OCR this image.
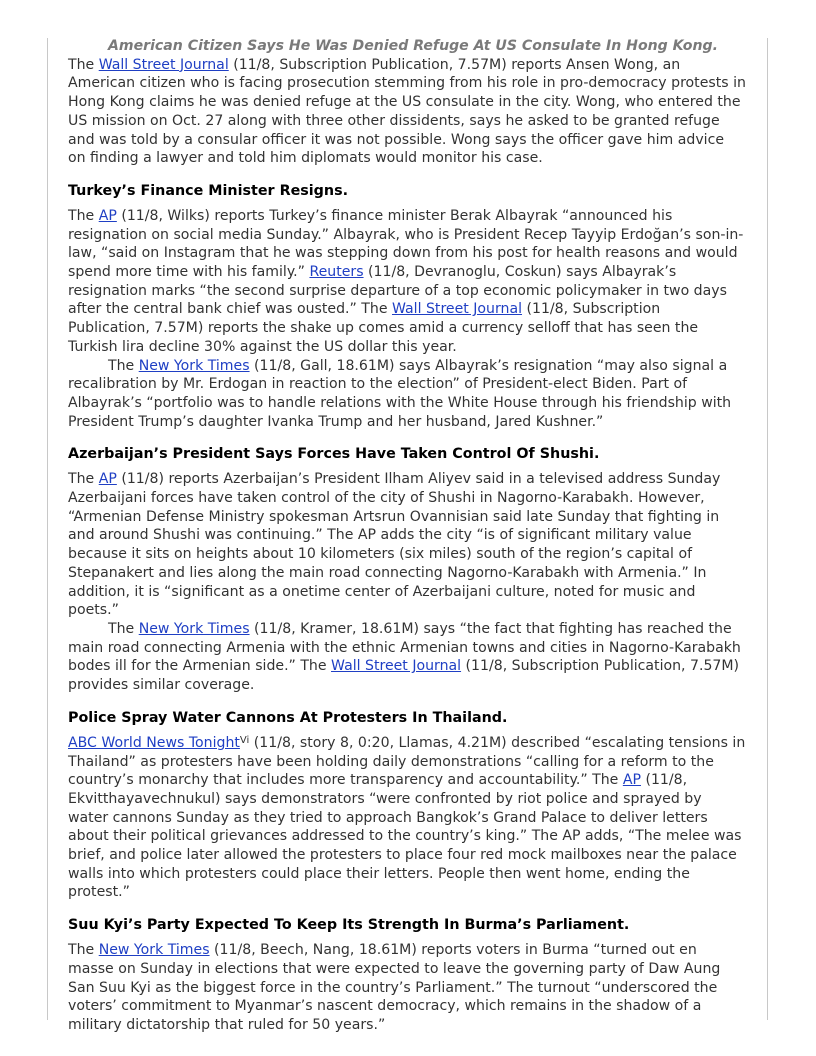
American Citizen Says He Was Denied Refuge At US Consulate In Hong Kong.

The Wall Street Journal (11/8, Subscription Publication, 7.57M) reports Ansen Wong, an American citizen who is facing prosecution stemming from his role in pro-democracy protests in Hong Kong claims he was denied refuge at the US consulate in the city. Wong, who entered the US mission on Oct. 27 along with three other dissidents, says he asked to be granted refuge and was told by a consular officer it was not possible. Wong says the officer gave him advice on finding a lawyer and told him diplomats would monitor his case.

Turkey’s Finance Minister Resigns.

The AP (11/8, Wilks) reports Turkey’s finance minister Berak Albayrak “announced his resignation on social media Sunday.” Albayrak, who is President Recep Tayyip Erdoğan’s son-in-law, “said on Instagram that he was stepping down from his post for health reasons and would spend more time with his family.” Reuters (11/8, Devranoglu, Coskun) says Albayrak’s resignation marks “the second surprise departure of a top economic policymaker in two days after the central bank chief was ousted.” The Wall Street Journal (11/8, Subscription Publication, 7.57M) reports the shake up comes amid a currency selloff that has seen the Turkish lira decline 30% against the US dollar this year.

The New York Times (11/8, Gall, 18.61M) says Albayrak’s resignation “may also signal a recalibration by Mr. Erdogan in reaction to the election” of President-elect Biden. Part of Albayrak’s “portfolio was to handle relations with the White House through his friendship with President Trump’s daughter Ivanka Trump and her husband, Jared Kushner.”

Azerbaijan’s President Says Forces Have Taken Control Of Shushi.

The AP (11/8) reports Azerbaijan’s President Ilham Aliyev said in a televised address Sunday Azerbaijani forces have taken control of the city of Shushi in Nagorno-Karabakh. However, “Armenian Defense Ministry spokesman Artsrun Ovannisian said late Sunday that fighting in and around Shushi was continuing.” The AP adds the city “is of significant military value because it sits on heights about 10 kilometers (six miles) south of the region’s capital of Stepanakert and lies along the main road connecting Nagorno-Karabakh with Armenia.” In addition, it is “significant as a onetime center of Azerbaijani culture, noted for music and poets.”

The New York Times (11/8, Kramer, 18.61M) says “the fact that fighting has reached the main road connecting Armenia with the ethnic Armenian towns and cities in Nagorno-Karabakh bodes ill for the Armenian side.” The Wall Street Journal (11/8, Subscription Publication, 7.57M) provides similar coverage.

Police Spray Water Cannons At Protesters In Thailand.

ABC World News Tonight$^{Vi}$ (11/8, story 8, 0:20, Llamas, 4.21M) described “escalating tensions in Thailand” as protesters have been holding daily demonstrations “calling for a reform to the country’s monarchy that includes more transparency and accountability.” The AP (11/8, Ekvitthayavechnukul) says demonstrators “were confronted by riot police and sprayed by water cannons Sunday as they tried to approach Bangkok’s Grand Palace to deliver letters about their political grievances addressed to the country’s king.” The AP adds, “The melee was brief, and police later allowed the protesters to place four red mock mailboxes near the palace walls into which protesters could place their letters. People then went home, ending the protest.”

Suu Kyi’s Party Expected To Keep Its Strength In Burma’s Parliament.

The New York Times (11/8, Beech, Nang, 18.61M) reports voters in Burma “turned out en masse on Sunday in elections that were expected to leave the governing party of Daw Aung San Suu Kyi as the biggest force in the country’s Parliament.” The turnout “underscored the voters’ commitment to Myanmar’s nascent democracy, which remains in the shadow of a military dictatorship that ruled for 50 years.”
